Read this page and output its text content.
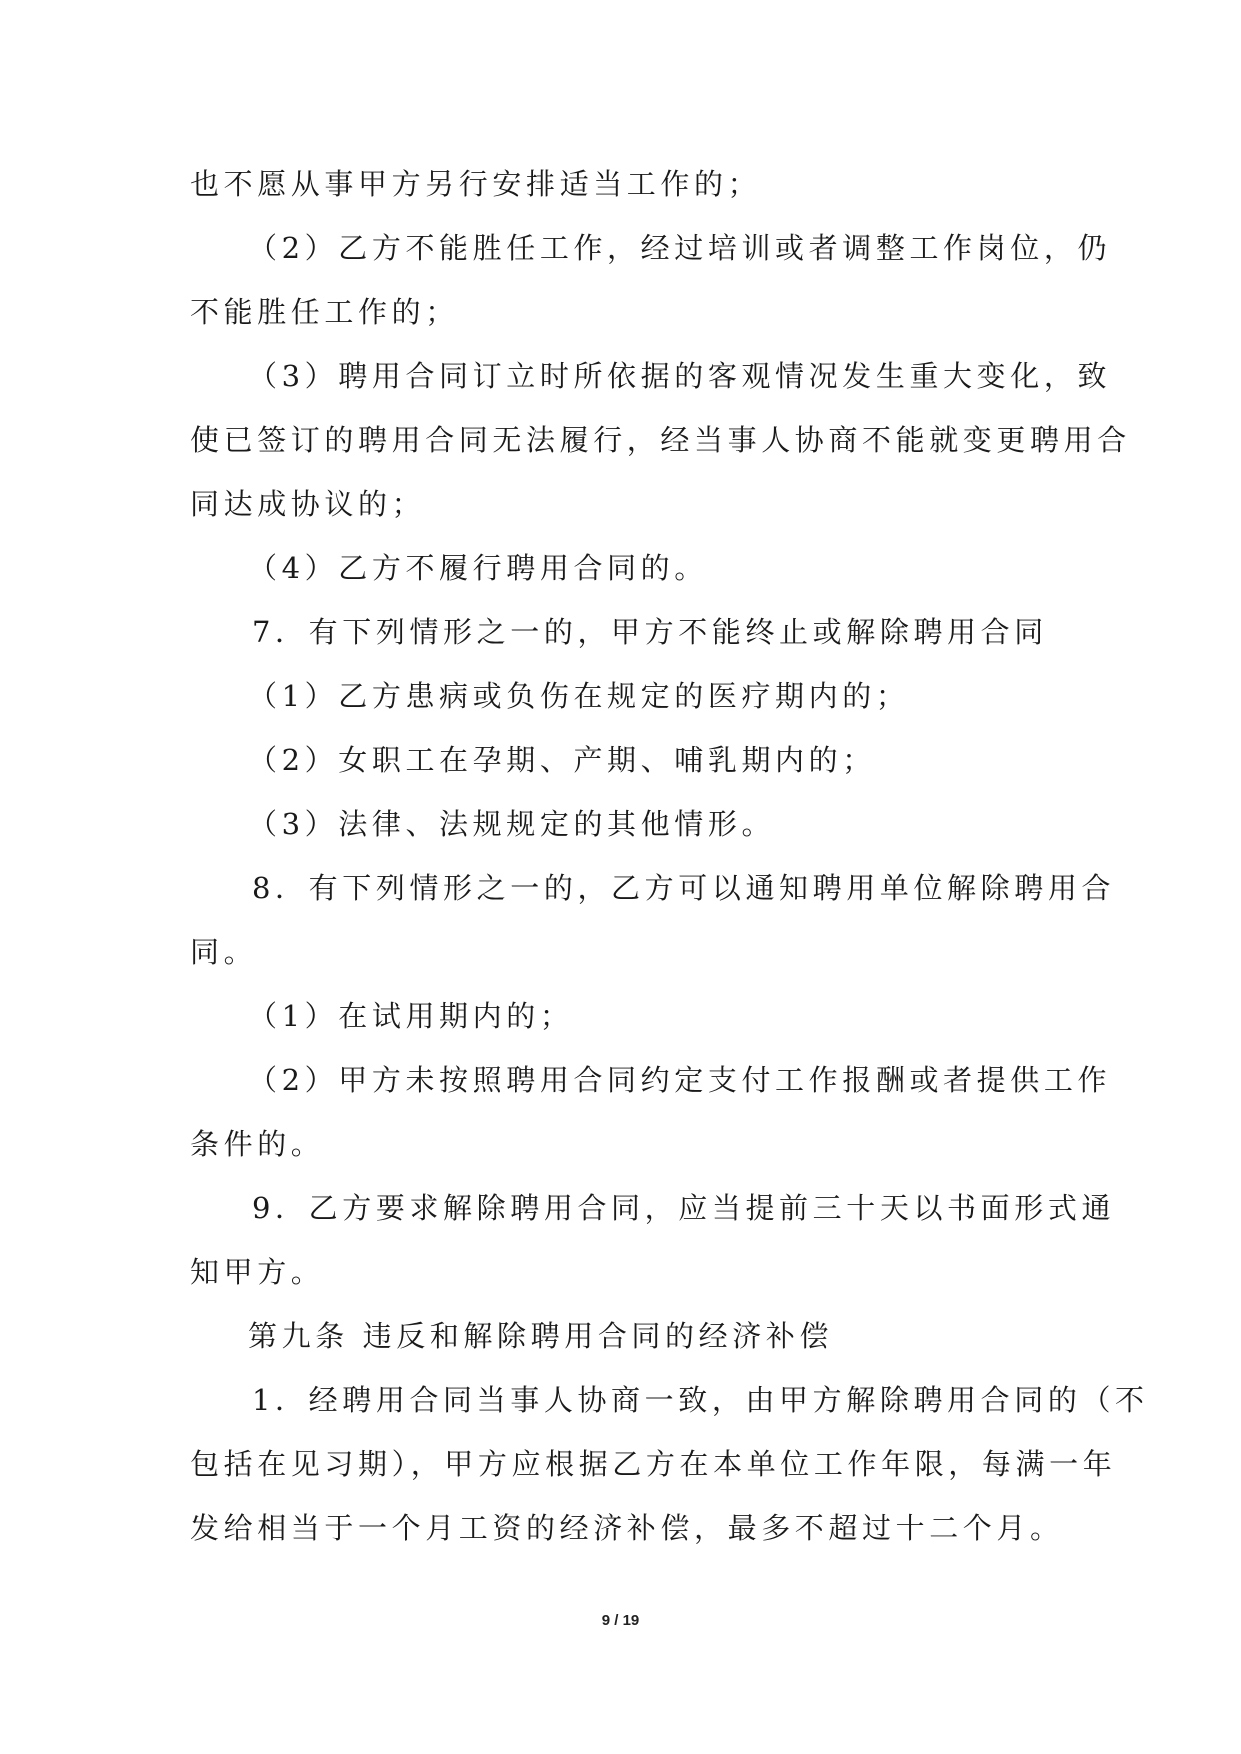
也不愿从事甲方另行安排适当工作的；
（2）乙方不能胜任工作，经过培训或者调整工作岗位，仍
不能胜任工作的；
（3）聘用合同订立时所依据的客观情况发生重大变化，致
使已签订的聘用合同无法履行，经当事人协商不能就变更聘用合
同达成协议的；
（4）乙方不履行聘用合同的。
7．有下列情形之一的，甲方不能终止或解除聘用合同
（1）乙方患病或负伤在规定的医疗期内的；
（2）女职工在孕期、产期、哺乳期内的；
（3）法律、法规规定的其他情形。
8．有下列情形之一的，乙方可以通知聘用单位解除聘用合
同。
（1）在试用期内的；
（2）甲方未按照聘用合同约定支付工作报酬或者提供工作
条件的。
9．乙方要求解除聘用合同，应当提前三十天以书面形式通
知甲方。
第九条 违反和解除聘用合同的经济补偿
1．经聘用合同当事人协商一致，由甲方解除聘用合同的（不
包括在见习期），甲方应根据乙方在本单位工作年限，每满一年
发给相当于一个月工资的经济补偿，最多不超过十二个月。
9 / 19
